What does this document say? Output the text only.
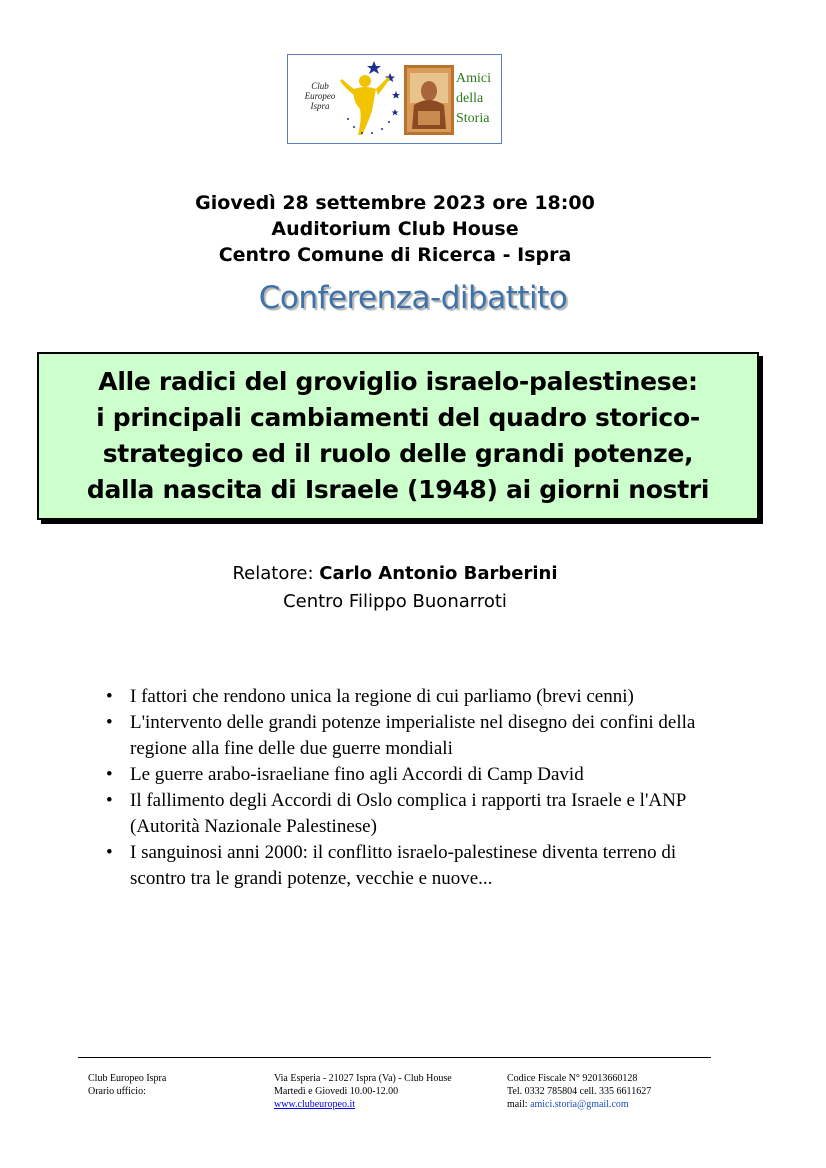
Club
Europeo
Ispra
Amici
della
Storia
Giovedì 28 settembre 2023 ore 18:00
Auditorium Club House
Centro Comune di Ricerca - Ispra
Conferenza-dibattito
Alle radici del groviglio israelo-palestinese:
i principali cambiamenti del quadro storico-
strategico ed il ruolo delle grandi potenze,
dalla nascita di Israele (1948) ai giorni nostri
Relatore: Carlo Antonio Barberini
Centro Filippo Buonarroti
• I fattori che rendono unica la regione di cui parliamo (brevi cenni)
• L'intervento delle grandi potenze imperialiste nel disegno dei confini della regione alla fine delle due guerre mondiali
• Le guerre arabo-israeliane fino agli Accordi di Camp David
• Il fallimento degli Accordi di Oslo complica i rapporti tra Israele e l'ANP (Autorità Nazionale Palestinese)
• I sanguinosi anni 2000: il conflitto israelo-palestinese diventa terreno di scontro tra le grandi potenze, vecchie e nuove...
Club Europeo Ispra
Orario ufficio:
Via Esperia - 21027 Ispra (Va) - Club House
Martedì e Giovedì 10.00-12.00
www.clubeuropeo.it
Codice Fiscale N° 92013660128
Tel. 0332 785804 cell. 335 6611627
mail: amici.storia@gmail.com
